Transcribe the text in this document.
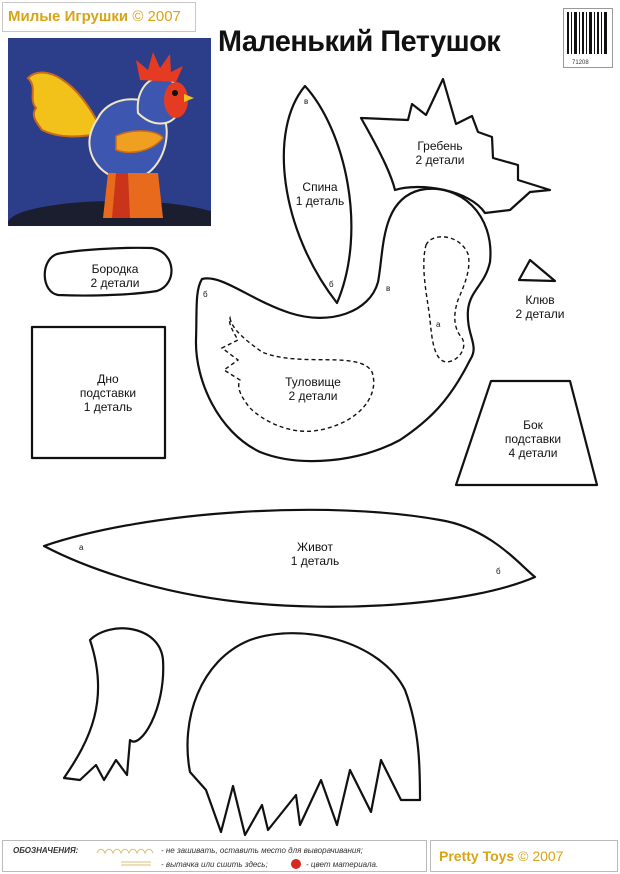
Милые Игрушки © 2007
Маленький Петушок
71208
Спина
1 деталь
Гребень
2 детали
Бородка
2 детали
Клюв
2 детали
Дно подставки
1 деталь
Туловище
2 детали
Бок подставки
4 детали
Живот
1 деталь
в
б
б
в
а
а
б
ОБОЗНАЧЕНИЯ:	- не зашивать, оставить место для выворачивания;
- вытачка или сшить здесь;	- цвет материала.
Pretty Toys © 2007
